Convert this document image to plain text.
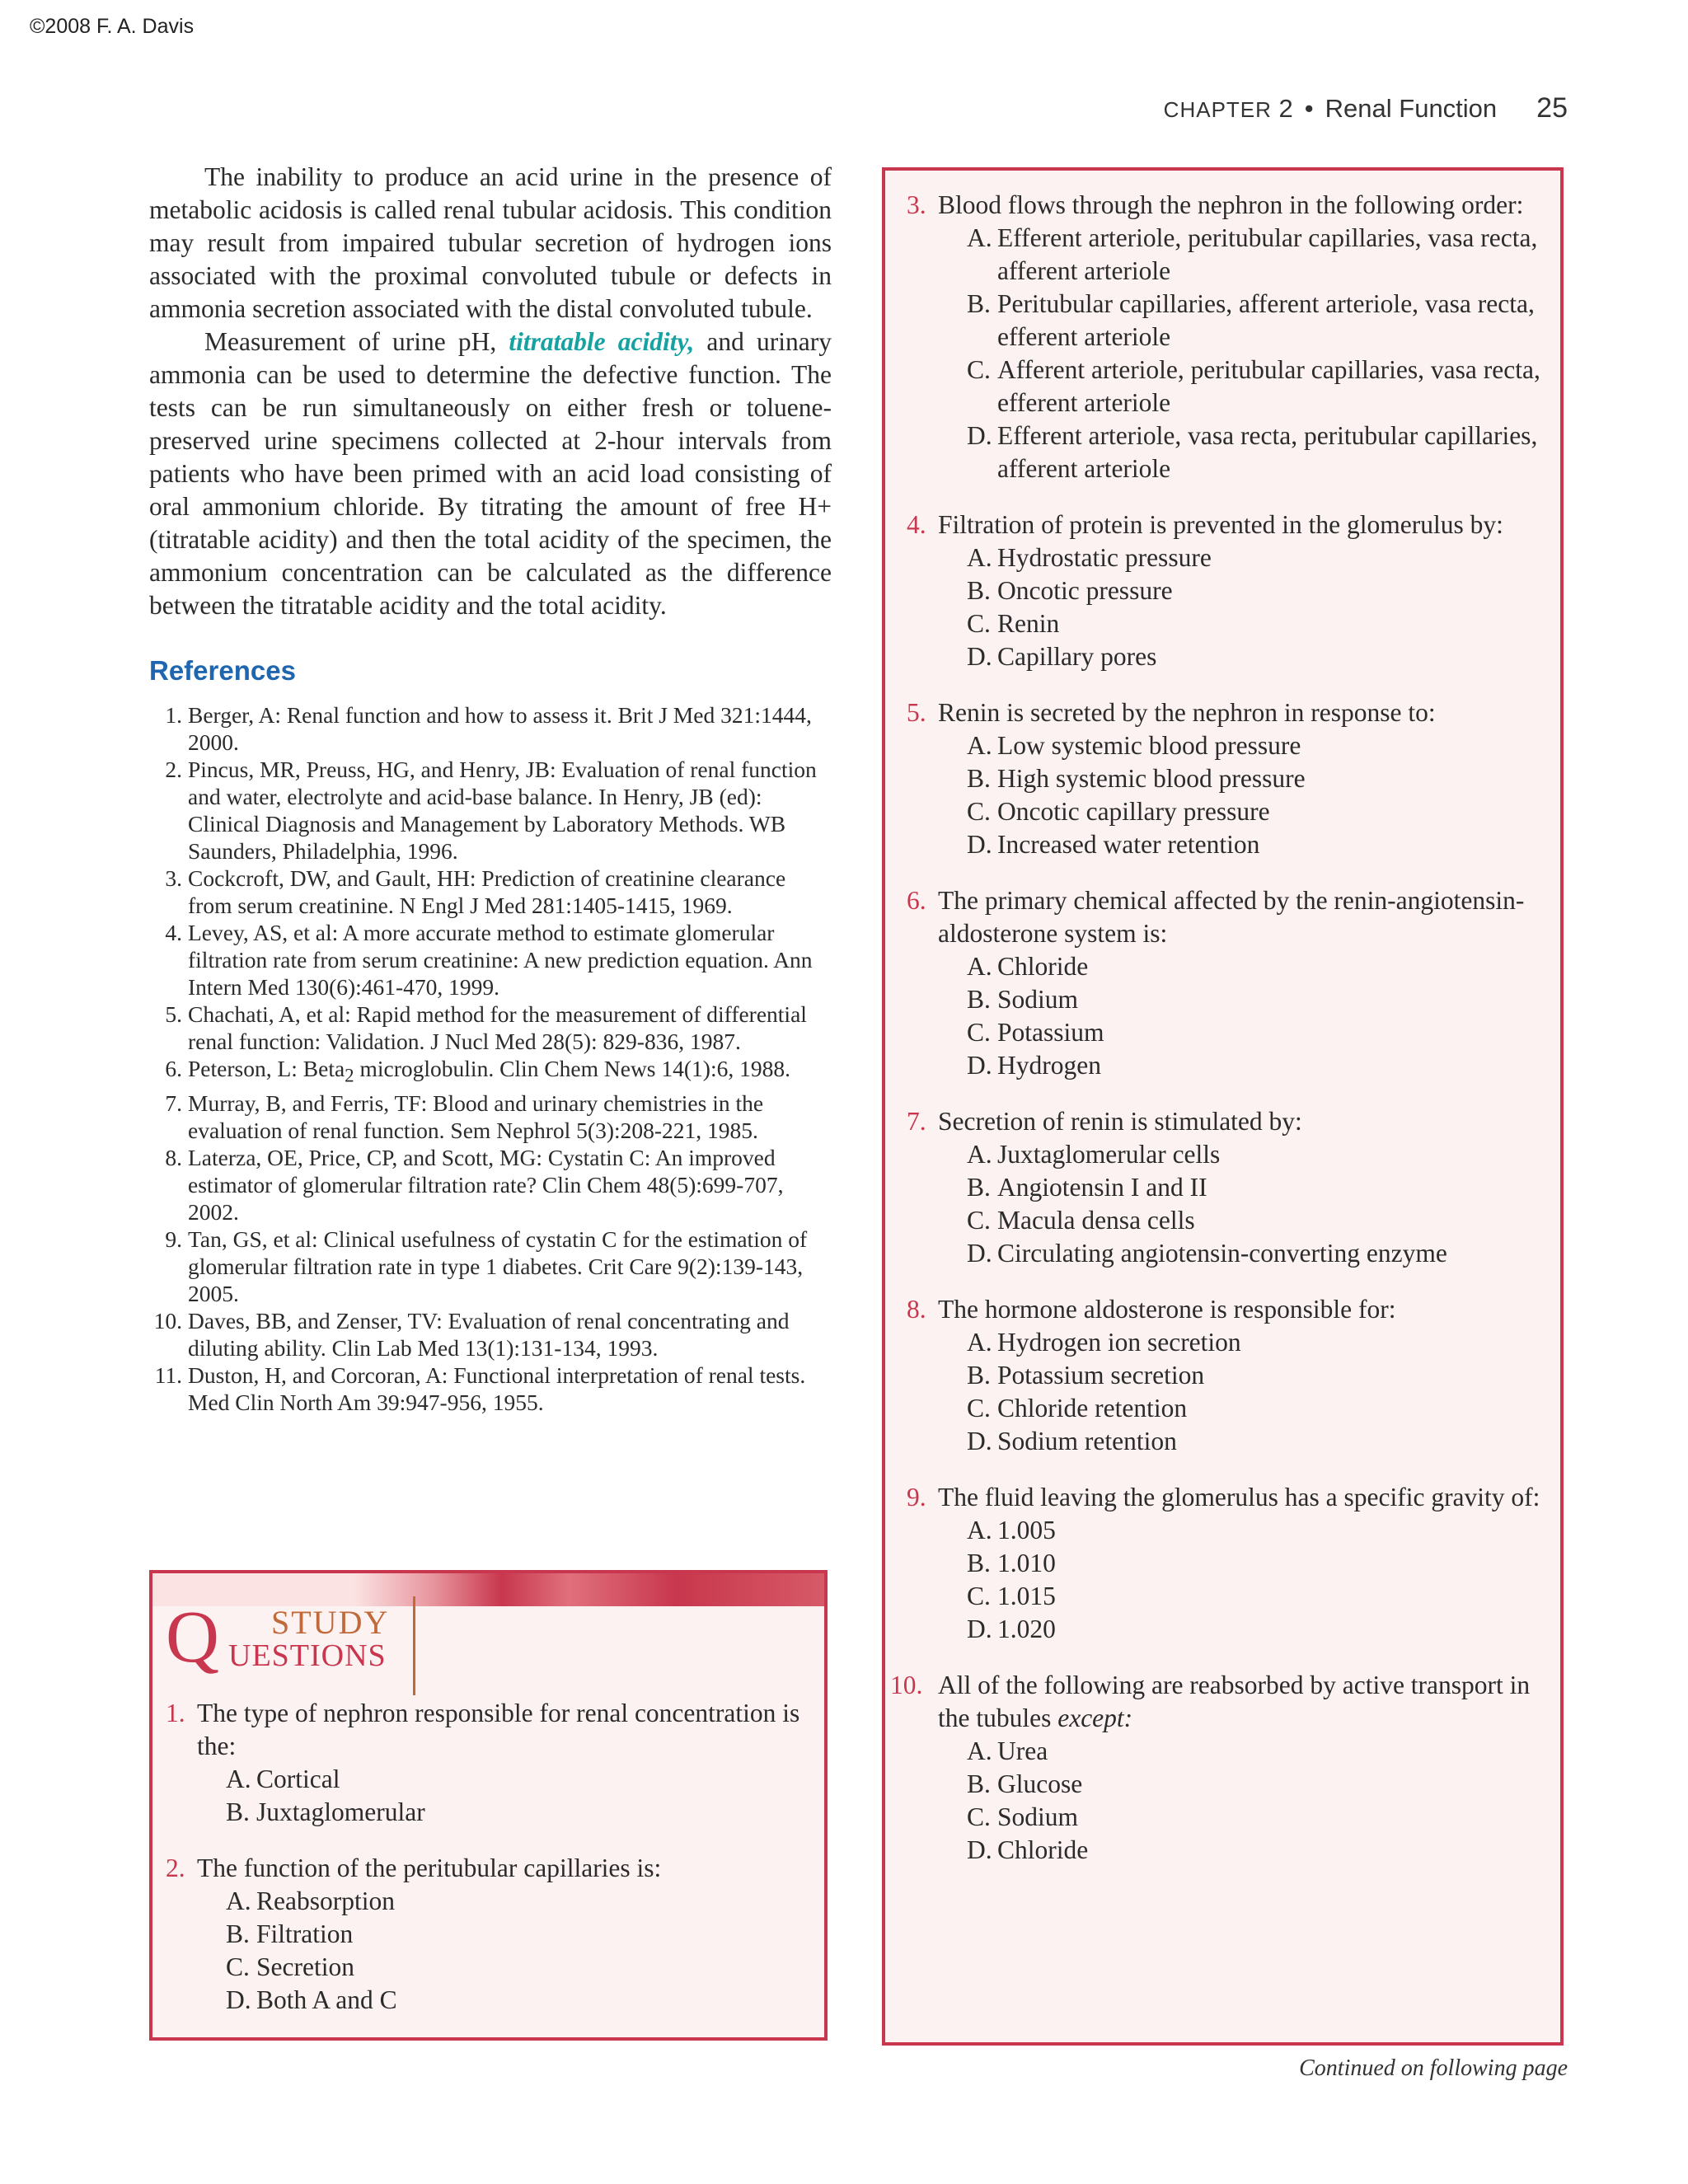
©2008 F. A. Davis
CHAPTER 2 • Renal Function 25

The inability to produce an acid urine in the presence of metabolic acidosis is called renal tubular acidosis. This condition may result from impaired tubular secretion of hydrogen ions associated with the proximal convoluted tubule or defects in ammonia secretion associated with the distal convoluted tubule.

Measurement of urine pH, titratable acidity, and urinary ammonia can be used to determine the defective function. The tests can be run simultaneously on either fresh or toluene-preserved urine specimens collected at 2-hour intervals from patients who have been primed with an acid load consisting of oral ammonium chloride. By titrating the amount of free H+ (titratable acidity) and then the total acidity of the specimen, the ammonium concentration can be calculated as the difference between the titratable acidity and the total acidity.

References
1. Berger, A: Renal function and how to assess it. Brit J Med 321:1444, 2000.
2. Pincus, MR, Preuss, HG, and Henry, JB: Evaluation of renal function and water, electrolyte and acid-base balance. In Henry, JB (ed): Clinical Diagnosis and Management by Laboratory Methods. WB Saunders, Philadelphia, 1996.
3. Cockcroft, DW, and Gault, HH: Prediction of creatinine clearance from serum creatinine. N Engl J Med 281:1405-1415, 1969.
4. Levey, AS, et al: A more accurate method to estimate glomerular filtration rate from serum creatinine: A new prediction equation. Ann Intern Med 130(6):461-470, 1999.
5. Chachati, A, et al: Rapid method for the measurement of differential renal function: Validation. J Nucl Med 28(5): 829-836, 1987.
6. Peterson, L: Beta$_2$ microglobulin. Clin Chem News 14(1):6, 1988.
7. Murray, B, and Ferris, TF: Blood and urinary chemistries in the evaluation of renal function. Sem Nephrol 5(3):208-221, 1985.
8. Laterza, OE, Price, CP, and Scott, MG: Cystatin C: An improved estimator of glomerular filtration rate? Clin Chem 48(5):699-707, 2002.
9. Tan, GS, et al: Clinical usefulness of cystatin C for the estimation of glomerular filtration rate in type 1 diabetes. Crit Care 9(2):139-143, 2005.
10. Daves, BB, and Zenser, TV: Evaluation of renal concentrating and diluting ability. Clin Lab Med 13(1):131-134, 1993.
11. Duston, H, and Corcoran, A: Functional interpretation of renal tests. Med Clin North Am 39:947-956, 1955.
Q STUDY
UESTIONS
1. The type of nephron responsible for renal concentration is the:
A. Cortical
B. Juxtaglomerular
2. The function of the peritubular capillaries is:
A. Reabsorption
B. Filtration
C. Secretion
D. Both A and C
3. Blood flows through the nephron in the following order:
A. Efferent arteriole, peritubular capillaries, vasa recta, afferent arteriole
B. Peritubular capillaries, afferent arteriole, vasa recta, efferent arteriole
C. Afferent arteriole, peritubular capillaries, vasa recta, efferent arteriole
D. Efferent arteriole, vasa recta, peritubular capillaries, afferent arteriole
4. Filtration of protein is prevented in the glomerulus by:
A. Hydrostatic pressure
B. Oncotic pressure
C. Renin
D. Capillary pores
5. Renin is secreted by the nephron in response to:
A. Low systemic blood pressure
B. High systemic blood pressure
C. Oncotic capillary pressure
D. Increased water retention
6. The primary chemical affected by the renin-angiotensin-aldosterone system is:
A. Chloride
B. Sodium
C. Potassium
D. Hydrogen
7. Secretion of renin is stimulated by:
A. Juxtaglomerular cells
B. Angiotensin I and II
C. Macula densa cells
D. Circulating angiotensin-converting enzyme
8. The hormone aldosterone is responsible for:
A. Hydrogen ion secretion
B. Potassium secretion
C. Chloride retention
D. Sodium retention
9. The fluid leaving the glomerulus has a specific gravity of:
A. 1.005
B. 1.010
C. 1.015
D. 1.020
10. All of the following are reabsorbed by active transport in the tubules except:
A. Urea
B. Glucose
C. Sodium
D. Chloride
Continued on following page
